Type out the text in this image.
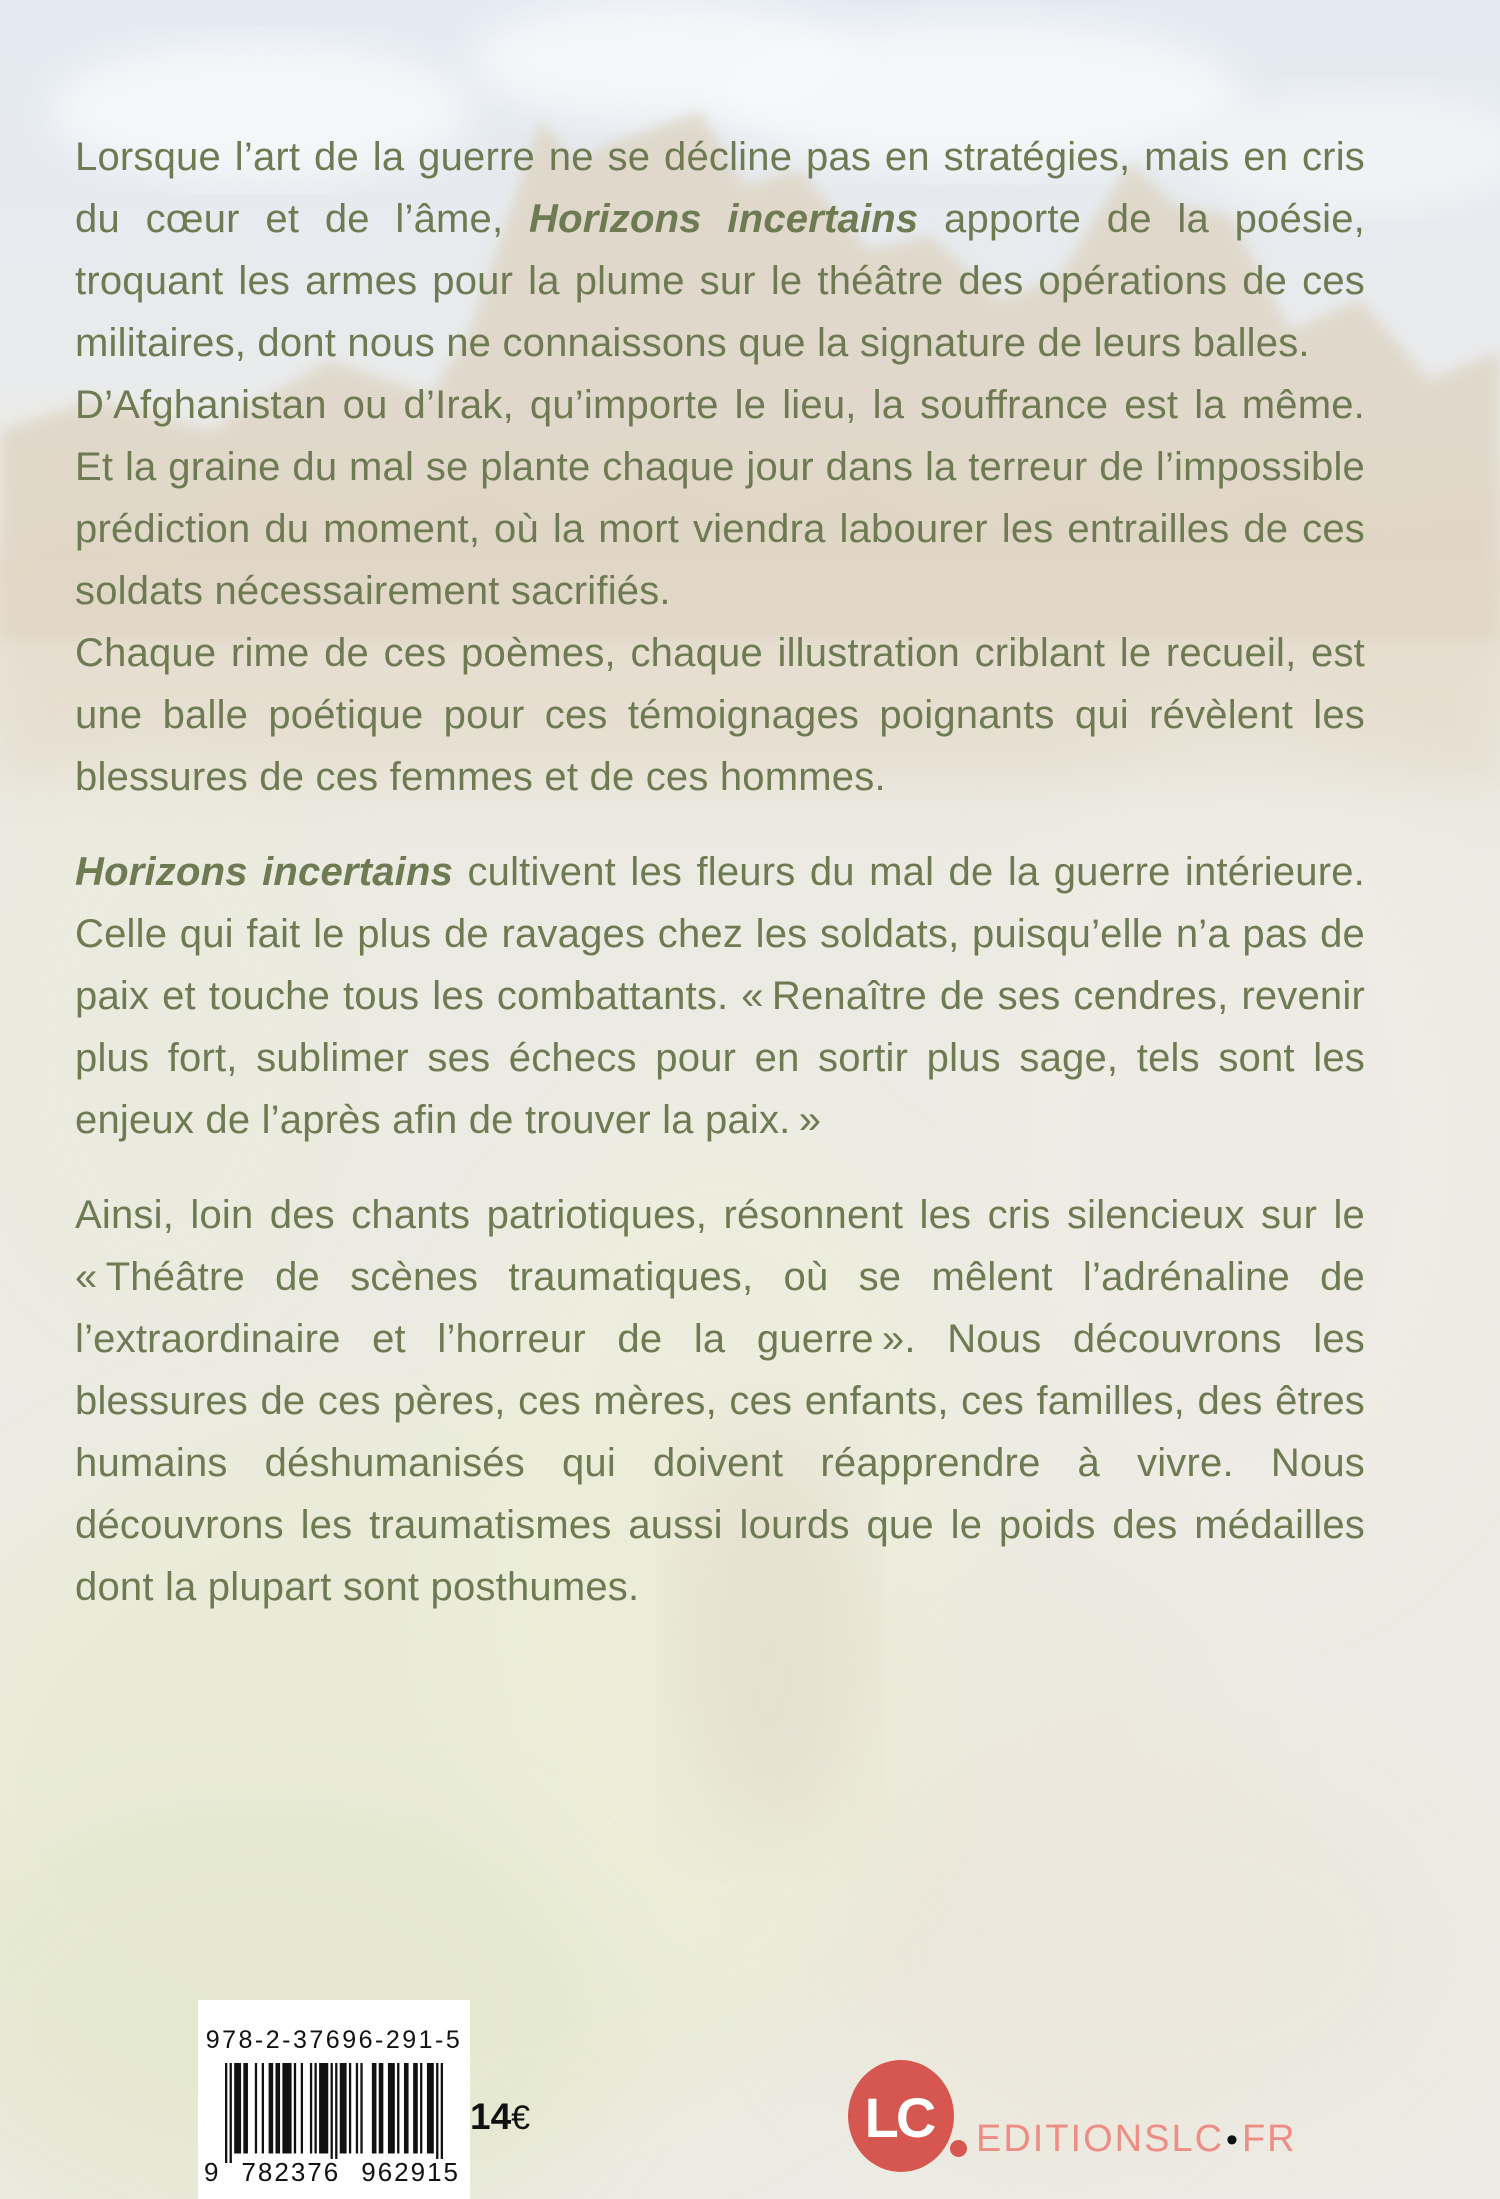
Lorsque l’art de la guerre ne se décline pas en stratégies, mais en cris du cœur et de l’âme, Horizons incertains apporte de la poésie, troquant les armes pour la plume sur le théâtre des opérations de ces militaires, dont nous ne connaissons que la signature de leurs balles.

D’Afghanistan ou d’Irak, qu’importe le lieu, la souffrance est la même. Et la graine du mal se plante chaque jour dans la terreur de l’impossible prédiction du moment, où la mort viendra labourer les entrailles de ces soldats nécessairement sacrifiés.

Chaque rime de ces poèmes, chaque illustration criblant le recueil, est une balle poétique pour ces témoignages poignants qui révèlent les blessures de ces femmes et de ces hommes.

Horizons incertains cultivent les fleurs du mal de la guerre intérieure. Celle qui fait le plus de ravages chez les soldats, puisqu’elle n’a pas de paix et touche tous les combattants. « Renaître de ses cendres, revenir plus fort, sublimer ses échecs pour en sortir plus sage, tels sont les enjeux de l’après afin de trouver la paix. »

Ainsi, loin des chants patriotiques, résonnent les cris silencieux sur le « Théâtre de scènes traumatiques, où se mêlent l’adrénaline de l’extraordinaire et l’horreur de la guerre ». Nous découvrons les blessures de ces pères, ces mères, ces enfants, ces familles, des êtres humains déshumanisés qui doivent réapprendre à vivre. Nous découvrons les traumatismes aussi lourds que le poids des médailles dont la plupart sont posthumes.

978-2-37696-291-5
9 782376 962915
14€	LC EDITIONSLC • FR
